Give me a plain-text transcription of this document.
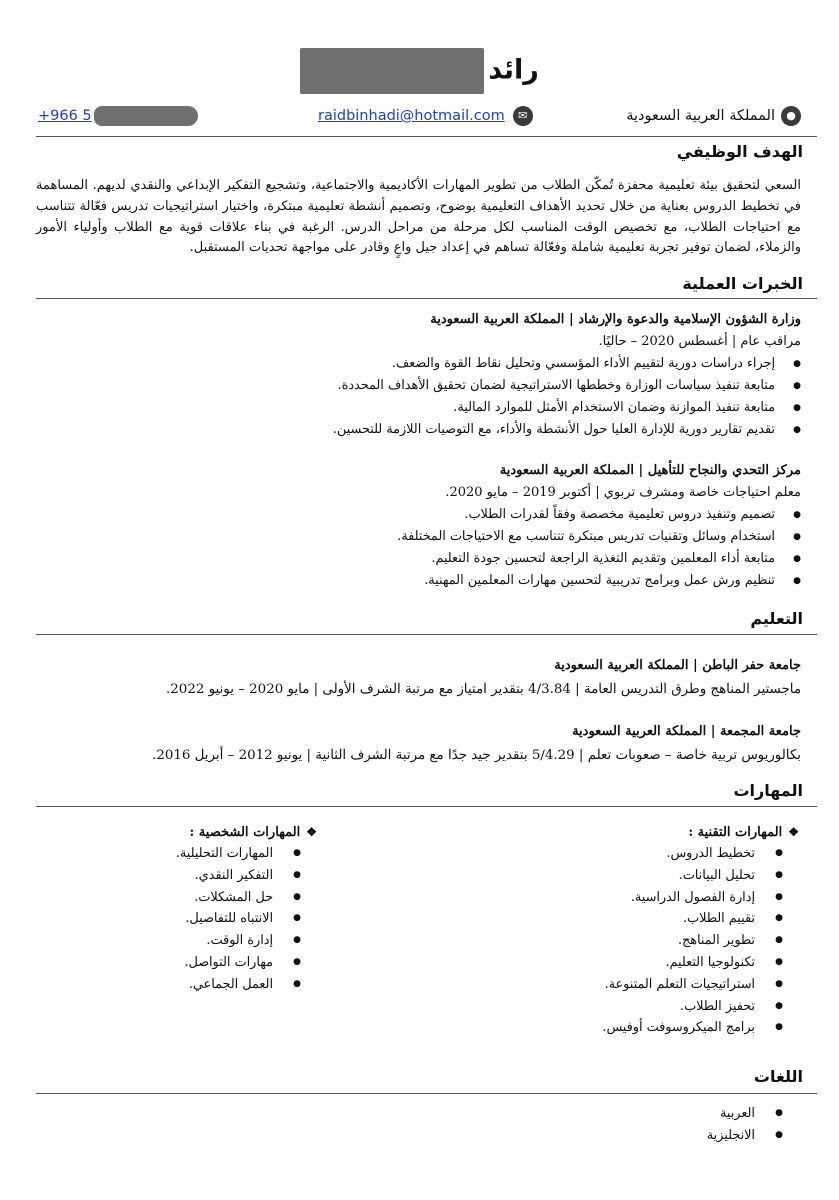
رائد
+966 5	raidbinhadi@hotmail.com ✉	●المملكة العربية السعودية
الهدف الوظيفي
السعي لتحقيق بيئة تعليمية محفزة تُمكّن الطلاب من تطوير المهارات الأكاديمية والاجتماعية، وتشجيع التفكير الإبداعي والنقدي لديهم. المساهمة في تخطيط الدروس بعناية من خلال تحديد الأهداف التعليمية بوضوح، وتصميم أنشطة تعليمية مبتكرة، واختيار استراتيجيات تدريس فعّالة تتناسب مع احتياجات الطلاب، مع تخصيص الوقت المناسب لكل مرحلة من مراحل الدرس. الرغبة في بناء علاقات قوية مع الطلاب وأولياء الأمور والزملاء، لضمان توفير تجربة تعليمية شاملة وفعّالة تساهم في إعداد جيل واعٍ وقادر على مواجهة تحديات المستقبل.
الخبرات العملية
وزارة الشؤون الإسلامية والدعوة والإرشاد | المملكة العربية السعودية
مراقب عام | أغسطس 2020 – حاليًا.
● إجراء دراسات دورية لتقييم الأداء المؤسسي وتحليل نقاط القوة والضعف.
● متابعة تنفيذ سياسات الوزارة وخططها الاستراتيجية لضمان تحقيق الأهداف المحددة.
● متابعة تنفيذ الموازنة وضمان الاستخدام الأمثل للموارد المالية.
● تقديم تقارير دورية للإدارة العليا حول الأنشطة والأداء، مع التوصيات اللازمة للتحسين.
مركز التحدي والنجاح للتأهيل | المملكة العربية السعودية
معلم احتياجات خاصة ومشرف تربوي | أكتوبر 2019 – مايو 2020.
● تصميم وتنفيذ دروس تعليمية مخصصة وفقاً لقدرات الطلاب.
● استخدام وسائل وتقنيات تدريس مبتكرة تتناسب مع الاحتياجات المختلفة.
● متابعة أداء المعلمين وتقديم التغذية الراجعة لتحسين جودة التعليم.
● تنظيم ورش عمل وبرامج تدريبية لتحسين مهارات المعلمين المهنية.
التعليم
جامعة حفر الباطن | المملكة العربية السعودية
ماجستير المناهج وطرق التدريس العامة | 4/3.84 بتقدير امتياز مع مرتبة الشرف الأولى | مايو 2020 – يونيو 2022.
جامعة المجمعة | المملكة العربية السعودية
بكالوريوس تربية خاصة – صعوبات تعلم | 5/4.29 بتقدير جيد جدًا مع مرتبة الشرف الثانية | يونيو 2012 – أبريل 2016.
المهارات
❖المهارات التقنية :
● تخطيط الدروس.
● تحليل البيانات.
● إدارة الفصول الدراسية.
● تقييم الطلاب.
● تطوير المناهج.
● تكنولوجيا التعليم.
● استراتيجيات التعلم المتنوعة.
● تحفيز الطلاب.
● برامج الميكروسوفت أوفيس.
❖المهارات الشخصية :
● المهارات التحليلية.
● التفكير النقدي.
● حل المشكلات.
● الانتباه للتفاصيل.
● إدارة الوقت.
● مهارات التواصل.
● العمل الجماعي.
اللغات
● العربية
● الانجليزية
